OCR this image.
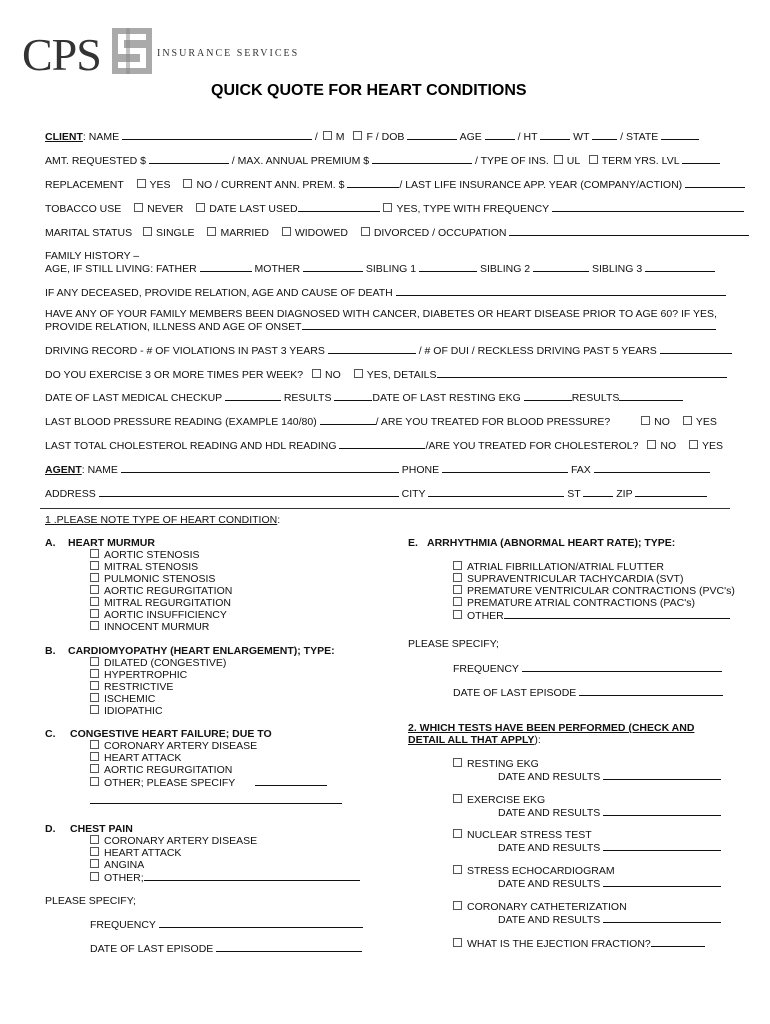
CPS	INSURANCE SERVICES
QUICK QUOTE FOR HEART CONDITIONS
CLIENT: NAME	/ M F / DOB	AGE	/ HT	WT	/ STATE
AMT. REQUESTED $	/ MAX. ANNUAL PREMIUM $	/ TYPE OF INS. UL TERM YRS. LVL
REPLACEMENT YES NO / CURRENT ANN. PREM. $	/ LAST LIFE INSURANCE APP. YEAR (COMPANY/ACTION)
TOBACCO USE NEVER DATE LAST USED	YES, TYPE WITH FREQUENCY
MARITAL STATUS SINGLE MARRIED WIDOWED DIVORCED / OCCUPATION
FAMILY HISTORY –
AGE, IF STILL LIVING: FATHER	MOTHER	SIBLING 1	SIBLING 2	SIBLING 3
IF ANY DECEASED, PROVIDE RELATION, AGE AND CAUSE OF DEATH
HAVE ANY OF YOUR FAMILY MEMBERS BEEN DIAGNOSED WITH CANCER, DIABETES OR HEART DISEASE PRIOR TO AGE 60? IF YES,
PROVIDE RELATION, ILLNESS AND AGE OF ONSET
DRIVING RECORD - # OF VIOLATIONS IN PAST 3 YEARS	/ # OF DUI / RECKLESS DRIVING PAST 5 YEARS
DO YOU EXERCISE 3 OR MORE TIMES PER WEEK? NO YES, DETAILS
DATE OF LAST MEDICAL CHECKUP	RESULTS	DATE OF LAST RESTING EKG	RESULTS
LAST BLOOD PRESSURE READING (EXAMPLE 140/80)	/ ARE YOU TREATED FOR BLOOD PRESSURE?	NO YES
LAST TOTAL CHOLESTEROL READING AND HDL READING	/ARE YOU TREATED FOR CHOLESTEROL? NO YES
AGENT: NAME	PHONE	FAX
ADDRESS	CITY	ST	ZIP
1 .PLEASE NOTE TYPE OF HEART CONDITION:
A. HEART MURMUR
AORTIC STENOSIS
MITRAL STENOSIS
PULMONIC STENOSIS
AORTIC REGURGITATION
MITRAL REGURGITATION
AORTIC INSUFFICIENCY
INNOCENT MURMUR
B. CARDIOMYOPATHY (HEART ENLARGEMENT); TYPE:
DILATED (CONGESTIVE)
HYPERTROPHIC
RESTRICTIVE
ISCHEMIC
IDIOPATHIC
C. CONGESTIVE HEART FAILURE; DUE TO
CORONARY ARTERY DISEASE
HEART ATTACK
AORTIC REGURGITATION
OTHER; PLEASE SPECIFY
D. CHEST PAIN
CORONARY ARTERY DISEASE
HEART ATTACK
ANGINA
OTHER;
PLEASE SPECIFY;
FREQUENCY
DATE OF LAST EPISODE
E. ARRHYTHMIA (ABNORMAL HEART RATE); TYPE:
ATRIAL FIBRILLATION/ATRIAL FLUTTER
SUPRAVENTRICULAR TACHYCARDIA (SVT)
PREMATURE VENTRICULAR CONTRACTIONS (PVC's)
PREMATURE ATRIAL CONTRACTIONS (PAC's)
OTHER
PLEASE SPECIFY;
FREQUENCY
DATE OF LAST EPISODE
2. WHICH TESTS HAVE BEEN PERFORMED (CHECK AND
DETAIL ALL THAT APPLY):
RESTING EKG
DATE AND RESULTS
EXERCISE EKG
DATE AND RESULTS
NUCLEAR STRESS TEST
DATE AND RESULTS
STRESS ECHOCARDIOGRAM
DATE AND RESULTS
CORONARY CATHETERIZATION
DATE AND RESULTS
WHAT IS THE EJECTION FRACTION?
